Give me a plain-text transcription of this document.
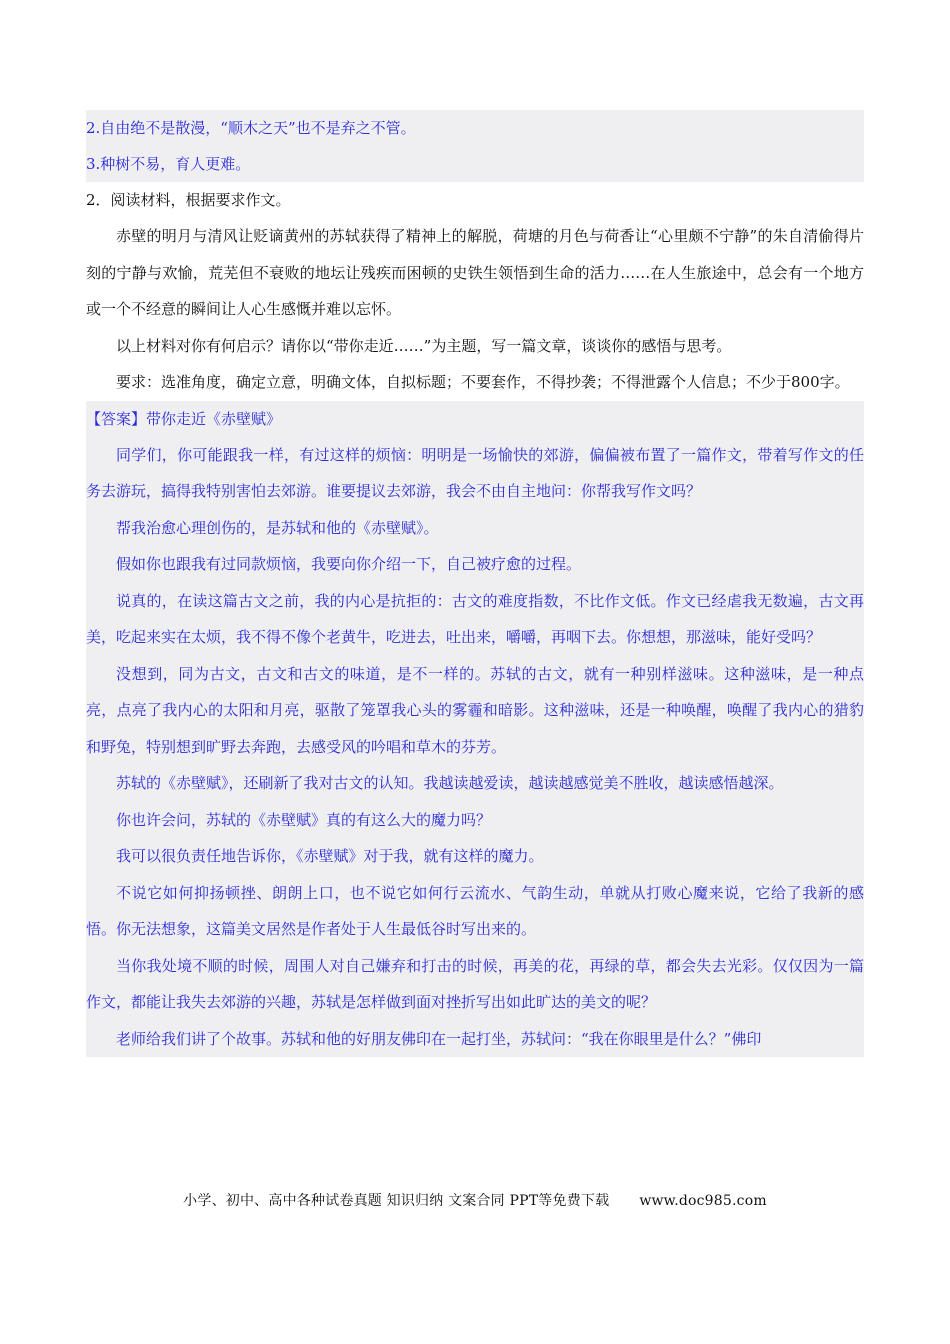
2.自由绝不是散漫，“顺木之天”也不是弃之不管。
3.种树不易，育人更难。
2．阅读材料，根据要求作文。

赤壁的明月与清风让贬谪黄州的苏轼获得了精神上的解脱，荷塘的月色与荷香让“心里颇不宁静”的朱自清偷得片刻的宁静与欢愉，荒芜但不衰败的地坛让残疾而困顿的史铁生领悟到生命的活力……在人生旅途中，总会有一个地方或一个不经意的瞬间让人心生感慨并难以忘怀。

以上材料对你有何启示？请你以“带你走近……”为主题，写一篇文章，谈谈你的感悟与思考。

要求：选准角度，确定立意，明确文体，自拟标题；不要套作，不得抄袭；不得泄露个人信息；不少于800字。

【答案】带你走近《赤壁赋》

同学们，你可能跟我一样，有过这样的烦恼：明明是一场愉快的郊游，偏偏被布置了一篇作文，带着写作文的任务去游玩，搞得我特别害怕去郊游。谁要提议去郊游，我会不由自主地问：你帮我写作文吗？

帮我治愈心理创伤的，是苏轼和他的《赤壁赋》。

假如你也跟我有过同款烦恼，我要向你介绍一下，自己被疗愈的过程。

说真的，在读这篇古文之前，我的内心是抗拒的：古文的难度指数，不比作文低。作文已经虐我无数遍，古文再美，吃起来实在太烦，我不得不像个老黄牛，吃进去，吐出来，嚼嚼，再咽下去。你想想，那滋味，能好受吗？

没想到，同为古文，古文和古文的味道，是不一样的。苏轼的古文，就有一种别样滋味。这种滋味，是一种点亮，点亮了我内心的太阳和月亮，驱散了笼罩我心头的雾霾和暗影。这种滋味，还是一种唤醒，唤醒了我内心的猎豹和野兔，特别想到旷野去奔跑，去感受风的吟唱和草木的芬芳。

苏轼的《赤壁赋》，还刷新了我对古文的认知。我越读越爱读，越读越感觉美不胜收，越读感悟越深。

你也许会问，苏轼的《赤壁赋》真的有这么大的魔力吗？

我可以很负责任地告诉你，《赤壁赋》对于我，就有这样的魔力。

不说它如何抑扬顿挫、朗朗上口，也不说它如何行云流水、气韵生动，单就从打败心魔来说，它给了我新的感悟。你无法想象，这篇美文居然是作者处于人生最低谷时写出来的。

当你我处境不顺的时候，周围人对自己嫌弃和打击的时候，再美的花，再绿的草，都会失去光彩。仅仅因为一篇作文，都能让我失去郊游的兴趣，苏轼是怎样做到面对挫折写出如此旷达的美文的呢？

老师给我们讲了个故事。苏轼和他的好朋友佛印在一起打坐，苏轼问：“我在你眼里是什么？”佛印

小学、初中、高中各种试卷真题 知识归纳 文案合同 PPT等免费下载 www.doc985.com
